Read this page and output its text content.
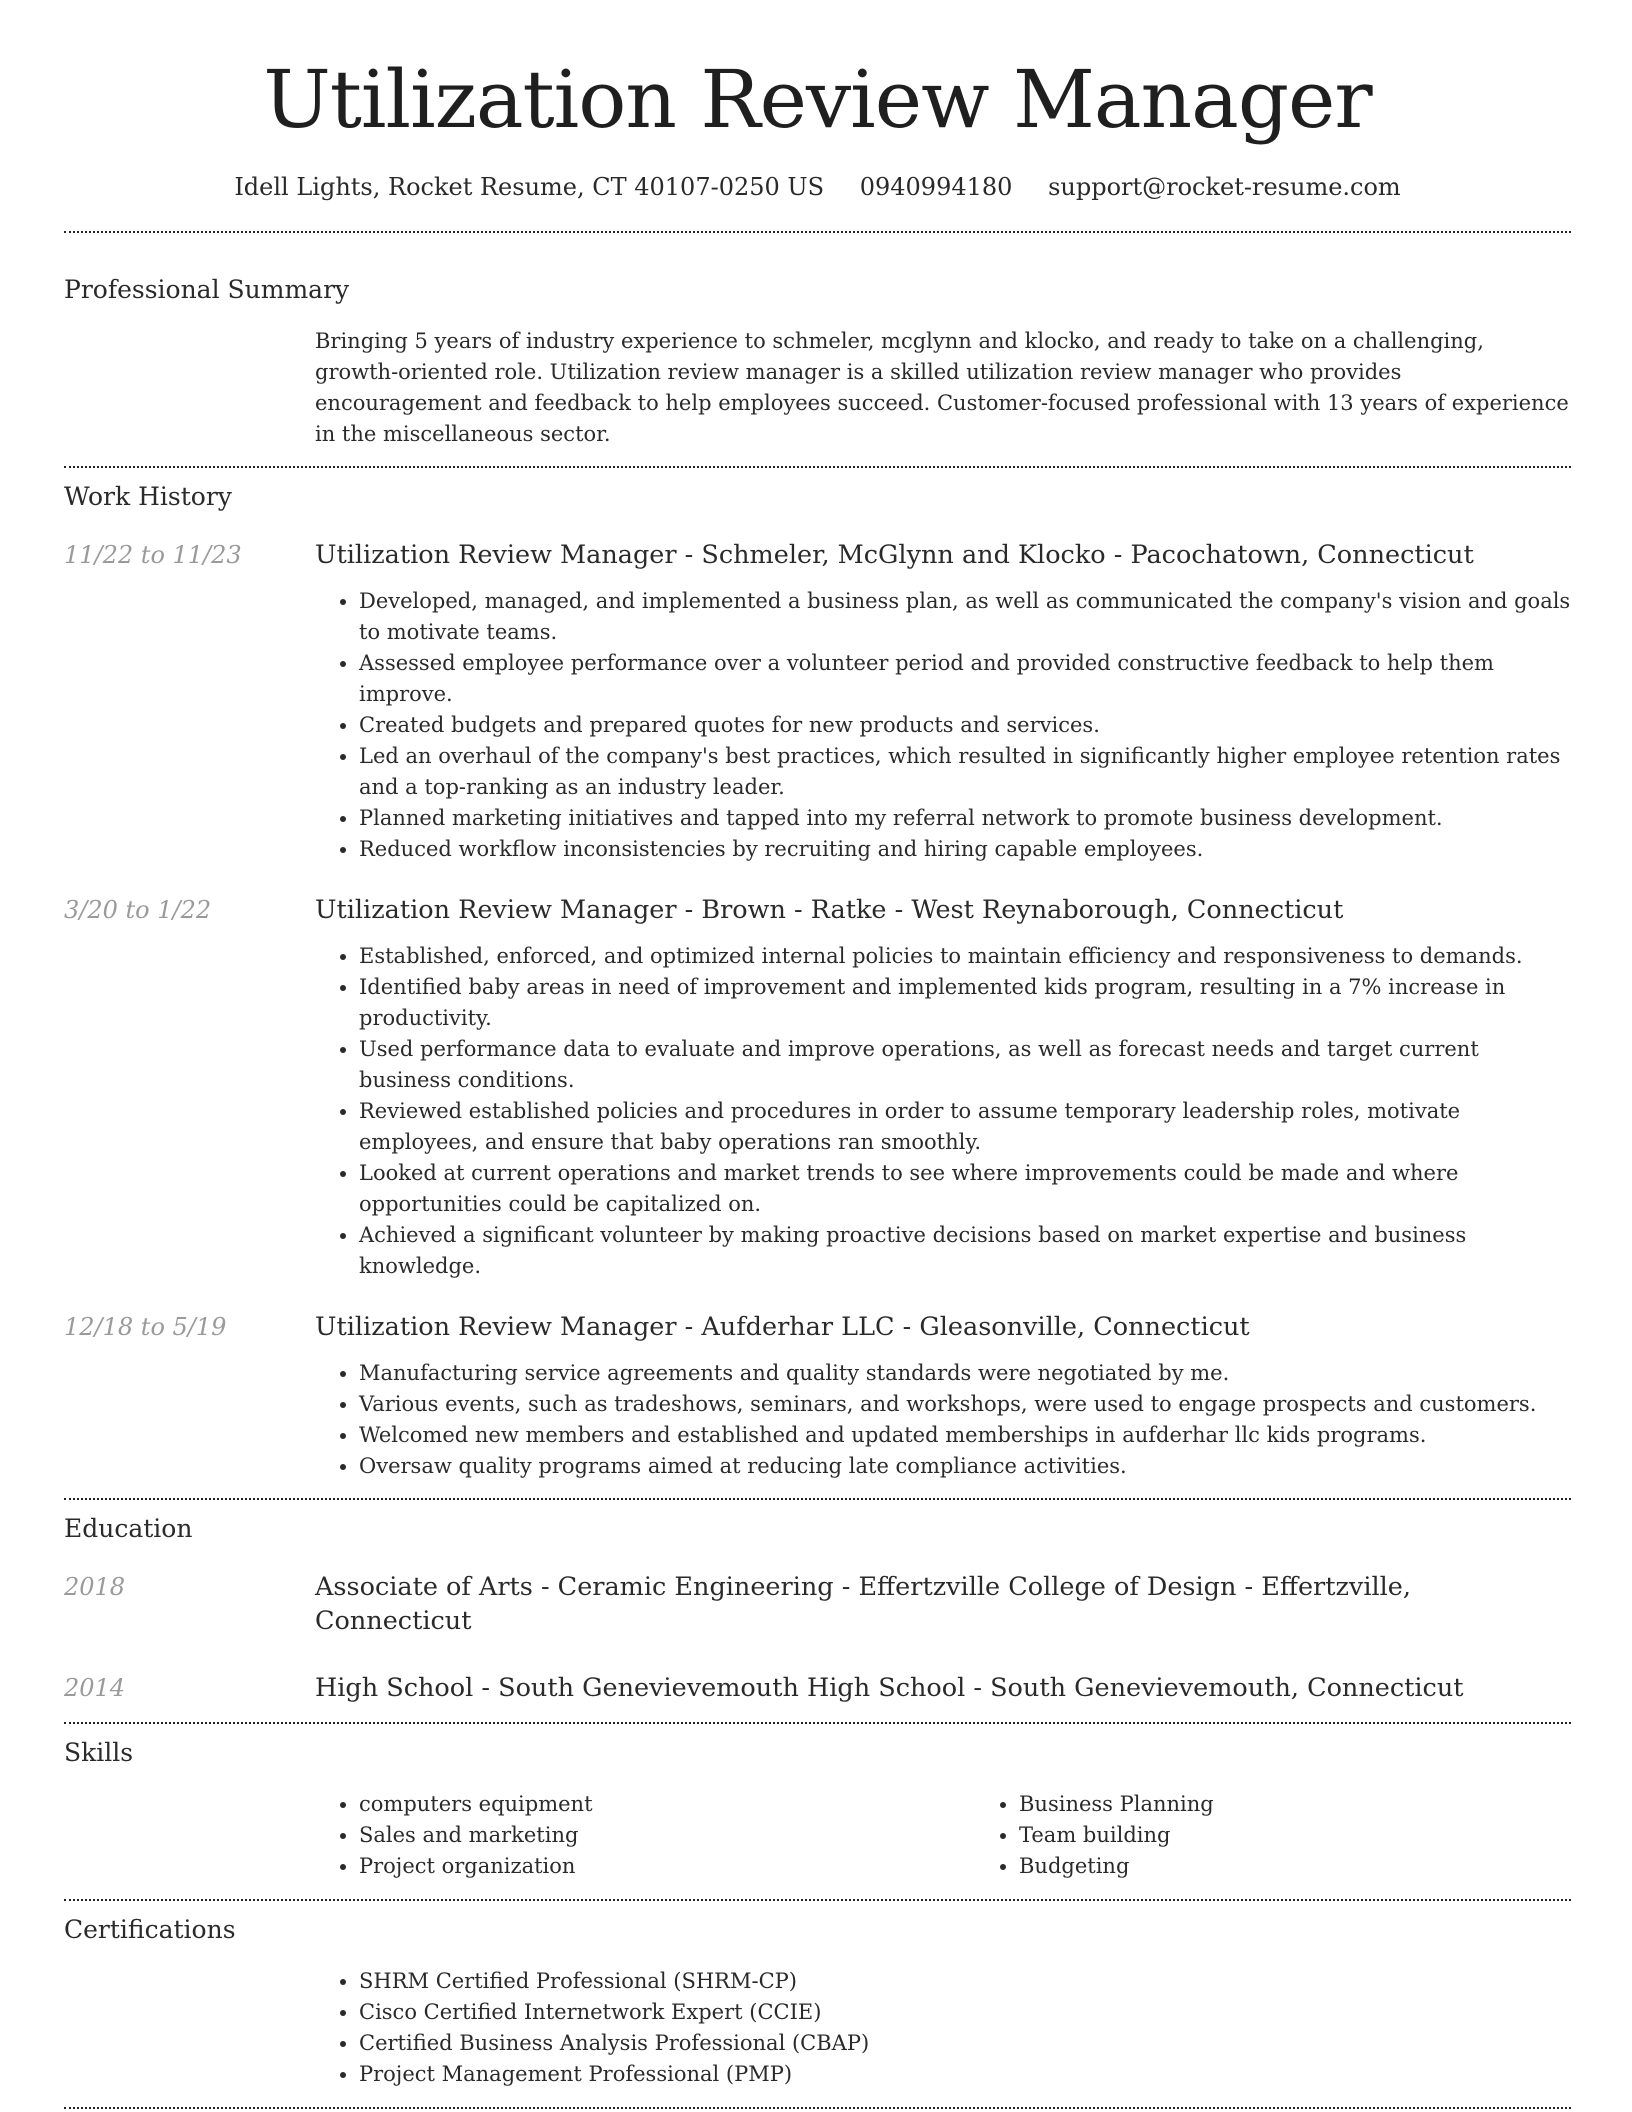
Utilization Review Manager
Idell Lights, Rocket Resume, CT 40107-0250 US 0940994180 support@rocket-resume.com
Professional Summary

Bringing 5 years of industry experience to schmeler, mcglynn and klocko, and ready to take on a challenging, growth-oriented role. Utilization review manager is a skilled utilization review manager who provides encouragement and feedback to help employees succeed. Customer-focused professional with 13 years of experience in the miscellaneous sector.

Work History
11/22 to 11/23	Utilization Review Manager - Schmeler, McGlynn and Klocko - Pacochatown, Connecticut
• Developed, managed, and implemented a business plan, as well as communicated the company's vision and goals to motivate teams.
• Assessed employee performance over a volunteer period and provided constructive feedback to help them improve.
• Created budgets and prepared quotes for new products and services.
• Led an overhaul of the company's best practices, which resulted in significantly higher employee retention rates and a top-ranking as an industry leader.
• Planned marketing initiatives and tapped into my referral network to promote business development.
• Reduced workflow inconsistencies by recruiting and hiring capable employees.
3/20 to 1/22	Utilization Review Manager - Brown - Ratke - West Reynaborough, Connecticut
• Established, enforced, and optimized internal policies to maintain efficiency and responsiveness to demands.
• Identified baby areas in need of improvement and implemented kids program, resulting in a 7% increase in productivity.
• Used performance data to evaluate and improve operations, as well as forecast needs and target current business conditions.
• Reviewed established policies and procedures in order to assume temporary leadership roles, motivate employees, and ensure that baby operations ran smoothly.
• Looked at current operations and market trends to see where improvements could be made and where opportunities could be capitalized on.
• Achieved a significant volunteer by making proactive decisions based on market expertise and business knowledge.
12/18 to 5/19	Utilization Review Manager - Aufderhar LLC - Gleasonville, Connecticut
• Manufacturing service agreements and quality standards were negotiated by me.
• Various events, such as tradeshows, seminars, and workshops, were used to engage prospects and customers.
• Welcomed new members and established and updated memberships in aufderhar llc kids programs.
• Oversaw quality programs aimed at reducing late compliance activities.
Education
2018	Associate of Arts - Ceramic Engineering - Effertzville College of Design - Effertzville, Connecticut
2014	High School - South Genevievemouth High School - South Genevievemouth, Connecticut
Skills
• computers equipment
• Sales and marketing
• Project organization
• Business Planning
• Team building
• Budgeting
Certifications
• SHRM Certified Professional (SHRM-CP)
• Cisco Certified Internetwork Expert (CCIE)
• Certified Business Analysis Professional (CBAP)
• Project Management Professional (PMP)
